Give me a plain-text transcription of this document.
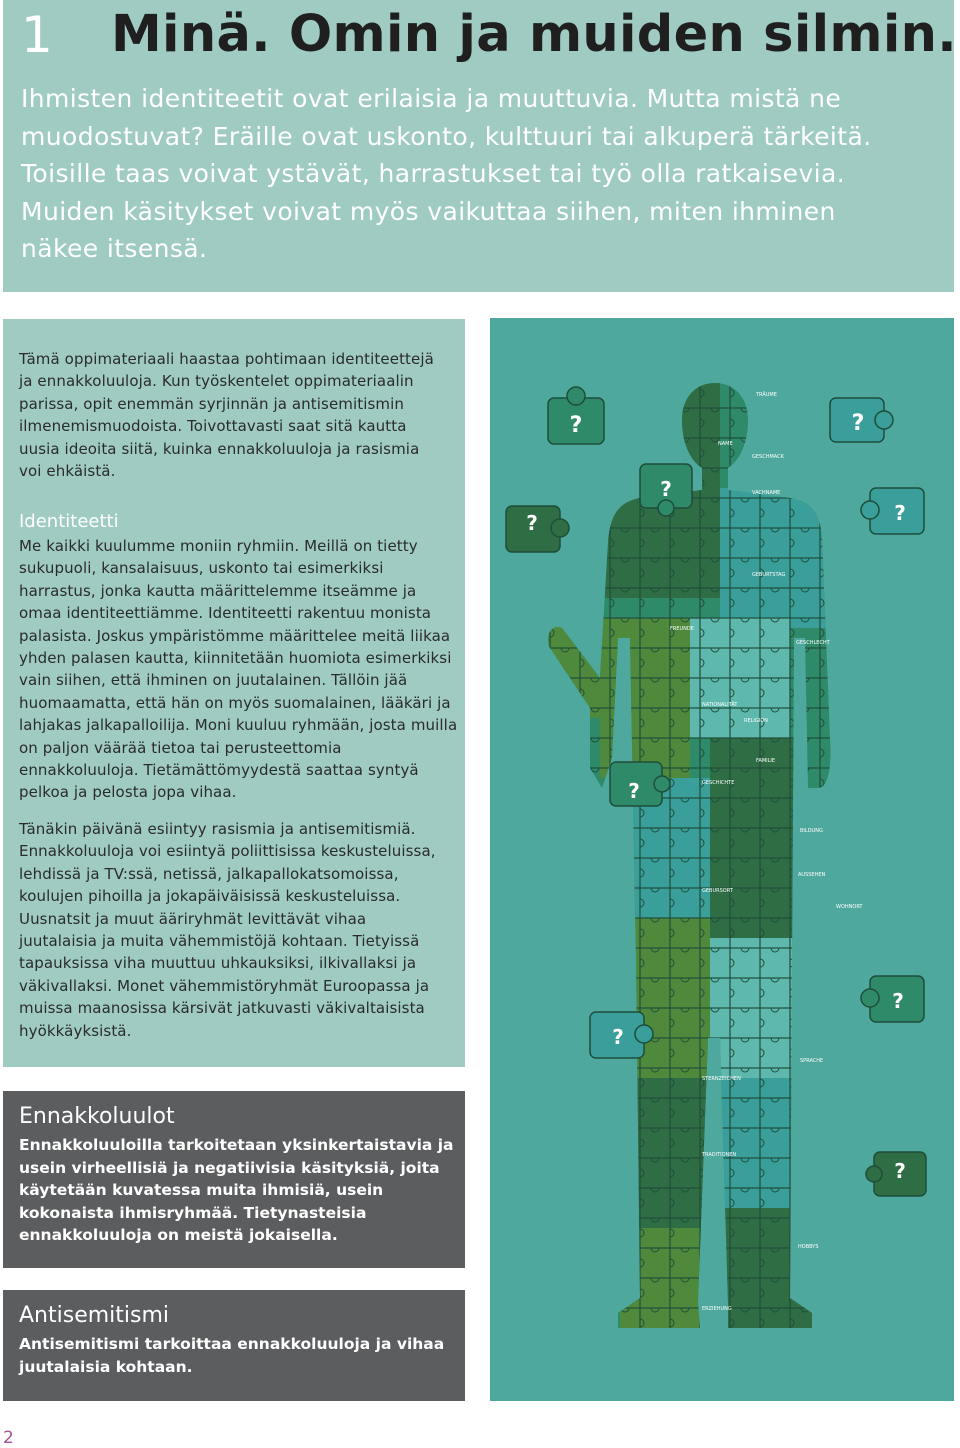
1 Minä. Omin ja muiden silmin.

Ihmisten identiteetit ovat erilaisia ja muuttuvia. Mutta mistä ne muodostuvat? Eräille ovat uskonto, kulttuuri tai alkuperä tärkeitä. Toisille taas voivat ystävät, harrastukset tai työ olla ratkaisevia. Muiden käsitykset voivat myös vaikuttaa siihen, miten ihminen näkee itsensä.

Tämä oppimateriaali haastaa pohtimaan identiteettejä ja ennakkoluuloja. Kun työskentelet oppimateriaalin parissa, opit enemmän syrjinnän ja antisemitismin ilmenemismuodoista. Toivottavasti saat sitä kautta uusia ideoita siitä, kuinka ennakkoluuloja ja rasismia voi ehkäistä.

Identiteetti

Me kaikki kuulumme moniin ryhmiin. Meillä on tietty sukupuoli, kansalaisuus, uskonto tai esimerkiksi harrastus, jonka kautta määrittelemme itseämme ja omaa identiteettiämme. Identiteetti rakentuu monista palasista. Joskus ympäristömme määrittelee meitä liikaa yhden palasen kautta, kiinnitetään huomiota esimerkiksi vain siihen, että ihminen on juutalainen. Tällöin jää huomaamatta, että hän on myös suomalainen, lääkäri ja lahjakas jalkapalloilija. Moni kuuluu ryhmään, josta muilla on paljon väärää tietoa tai perusteettomia ennakkoluuloja. Tietämättömyydestä saattaa syntyä pelkoa ja pelosta jopa vihaa.

Tänäkin päivänä esiintyy rasismia ja antisemitismiä. Ennakkoluuloja voi esiintyä poliittisissa keskusteluissa, lehdissä ja TV:ssä, netissä, jalkapallokatsomoissa, koulujen pihoilla ja jokapäiväisissä keskusteluissa. Uusnatsit ja muut ääriryhmät levittävät vihaa juutalaisia ja muita vähemmistöjä kohtaan. Tietyissä tapauksissa viha muuttuu uhkauksiksi, ilkivallaksi ja väkivallaksi. Monet vähemmistöryhmät Euroopassa ja muissa maanosissa kärsivät jatkuvasti väkivaltaisista hyökkäyksistä.

Ennakkoluulot

Ennakkoluuloilla tarkoitetaan yksinkertaistavia ja usein virheellisiä ja negatiivisia käsityksiä, joita käytetään kuvatessa muita ihmisiä, usein kokonaista ihmisryhmää. Tietynasteisia ennakkoluuloja on meistä jokaisella.

Antisemitismi

Antisemitismi tarkoittaa ennakkoluuloja ja vihaa juutalaisia kohtaan.

TRÄUME
NAME
GESCHMACK
VACHNAME
GEBURTSTAG
FREUNDE
GESCHLECHT
NATIONALITÄT
RELIGION
FAMILIE
GESCHICHTE
BILDUNG
AUSSEHEN
GEBURSORT
WOHNORT
SPRACHE
STERNZEICHEN
TRADITIONEN
HOBBYS
ERZIEHUNG
?	?
?
?
?
?
?
?
?
2
